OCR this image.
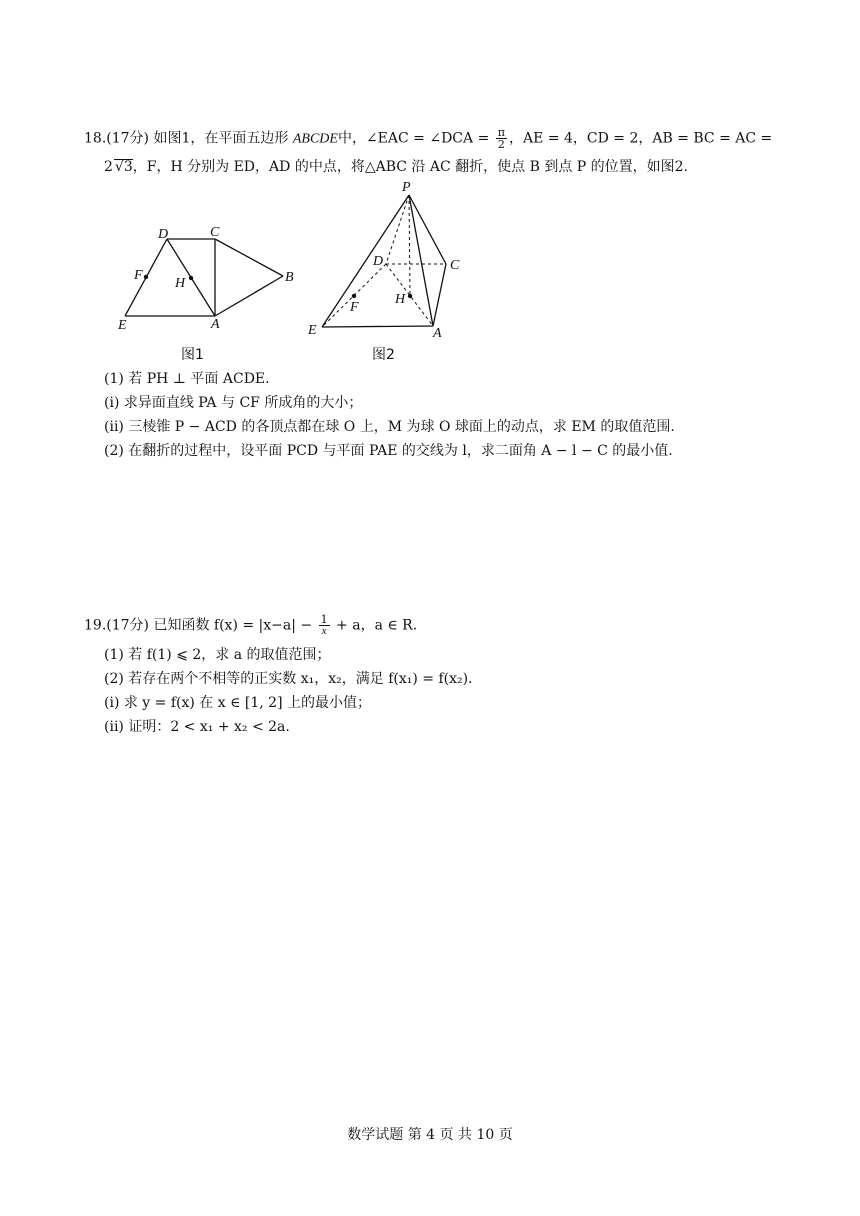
18.(17分) 如图1，在平面五边形 ABCDE中，∠EAC = ∠DCA = $\frac{\pi}{2}$ ，AE = 4，CD = 2，AB = BC = AC =
2 √3，F，H 分别为 ED，AD 的中点，将△ABC 沿 AC 翻折，使点 B 到点 P 的位置，如图2.
D	C
F
H	B
E	A
图1
P
D	C
F
H
E	A
图2
(1) 若 PH ⊥ 平面 ACDE.
(i) 求异面直线 PA 与 CF 所成角的大小；
(ii) 三棱锥 P − ACD 的各顶点都在球 O 上，M 为球 O 球面上的动点，求 EM 的取值范围.
(2) 在翻折的过程中，设平面 PCD 与平面 PAE 的交线为 l，求二面角 A − l − C 的最小值.
19.(17分) 已知函数 $f(x) = |x-a| - \frac{1}{x} + a$，a ∈ R.
(1) 若 f(1) ⩽ 2，求 a 的取值范围；
(2) 若存在两个不相等的正实数 x₁，x₂，满足 f(x₁) = f(x₂).
(i) 求 y = f(x) 在 x ∈ [1, 2] 上的最小值；
(ii) 证明：2 < x₁ + x₂ < 2a.
数学试题 第 4 页 共 10 页
